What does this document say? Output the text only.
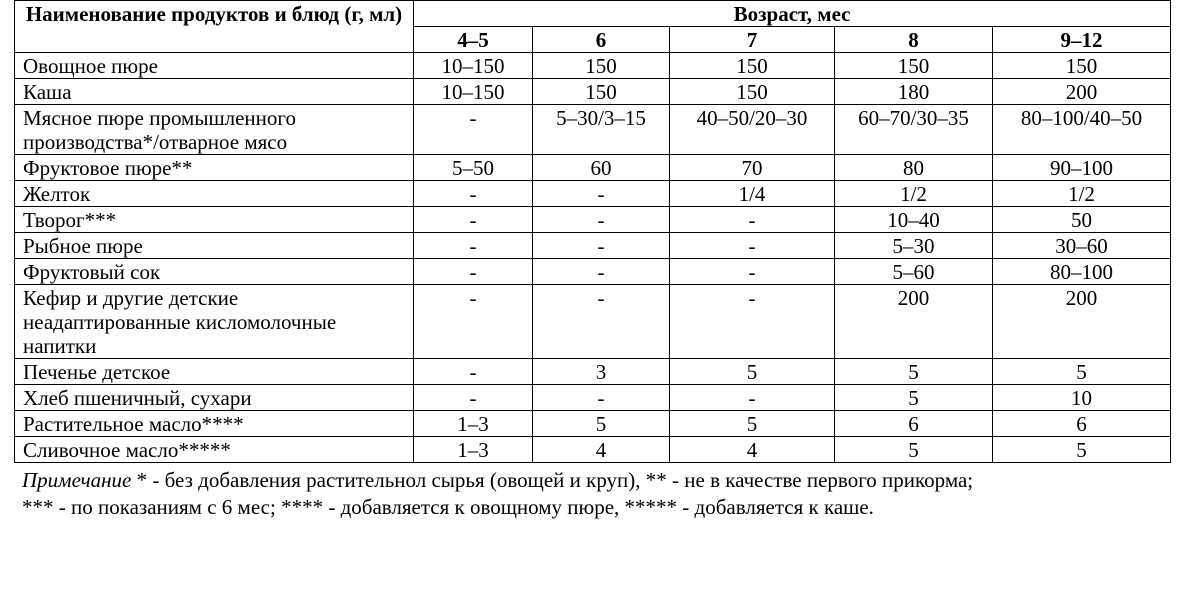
Наименование продуктов и блюд (г, мл)	Возраст, мес				
	4–5	6	7	8	9–12
Овощное пюре	10–150	150	150	150	150
Каша	10–150	150	150	180	200
Мясное пюре промышленного производства*/отварное мясо	-	5–30/3–15	40–50/20–30	60–70/30–35	80–100/40–50
Фруктовое пюре**	5–50	60	70	80	90–100
Желток	-	-	1/4	1/2	1/2
Творог***	-	-	-	10–40	50
Рыбное пюре	-	-	-	5–30	30–60
Фруктовый сок	-	-	-	5–60	80–100
Кефир и другие детские неадаптированные кисломолочные напитки	-	-	-	200	200
Печенье детское	-	3	5	5	5
Хлеб пшеничный, сухари	-	-	-	5	10
Растительное масло****	1–3	5	5	6	6
Сливочное масло*****	1–3	4	4	5	5
Примечание * - без добавления растительнол сырья (овощей и круп), ** - не в качестве первого прикорма;
*** - по показаниям с 6 мес; **** - добавляется к овощному пюре, ***** - добавляется к каше.
